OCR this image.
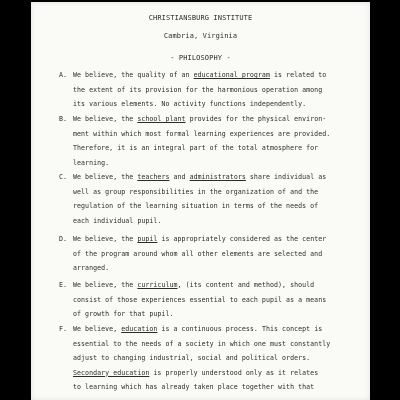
CHRISTIANSBURG INSTITUTE
Cambria, Virginia
- PHILOSOPHY -
A. We believe, the quality of an educational program is related to
the extent of its provision for the harmonious operation among
its various elements. No activity functions independently.
B. We believe, the school plant provides for the physical environ-
ment within which most formal learning experiences are provided.
Therefore, it is an integral part of the total atmosphere for
learning.
C. We believe, the teachers and administrators share individual as
well as group responsibilities in the organization of and the
regulation of the learning situation in terms of the needs of
each individual pupil.
D. We believe, the pupil is appropriately considered as the center
of the program around whom all other elements are selected and
arranged.
E. We believe, the curriculum, (its content and method), should
consist of those experiences essential to each pupil as a means
of growth for that pupil.
F. We believe, education is a continuous process. This concept is
essential to the needs of a society in which one must constantly
adjust to changing industrial, social and political orders.
Secondary education is properly understood only as it relates
to learning which has already taken place together with that
